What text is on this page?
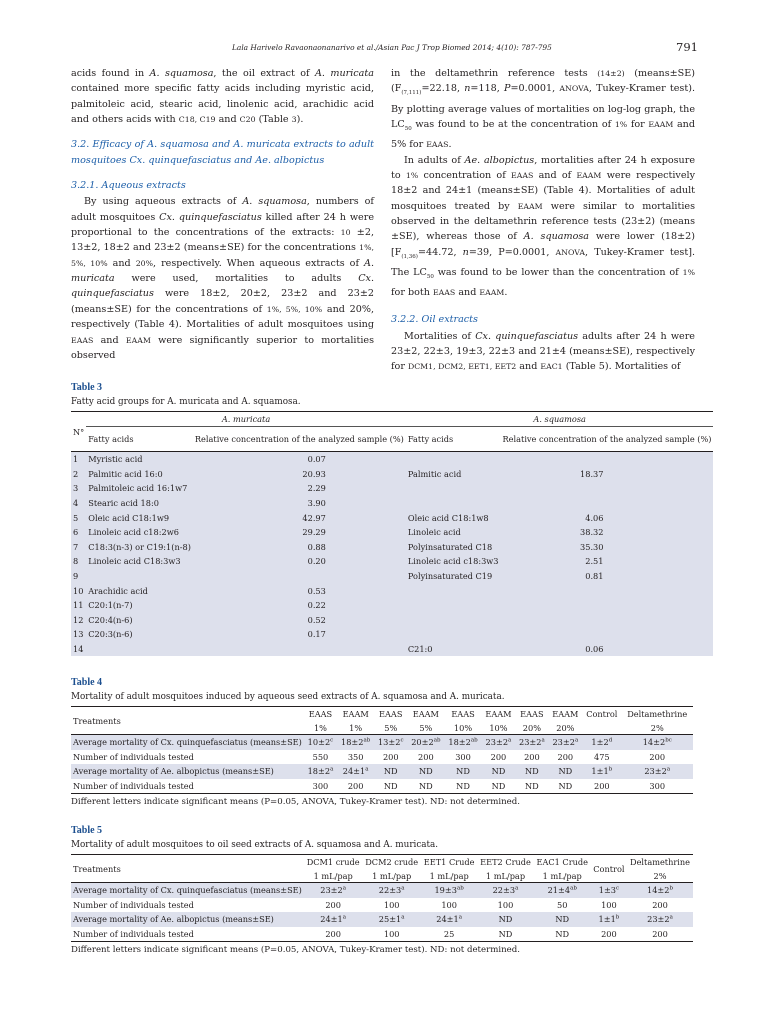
Lala Harivelo Ravaonaonanarivo et al./Asian Pac J Trop Biomed 2014; 4(10): 787-795	791

acids found in A. squamosa, the oil extract of A. muricata contained more specific fatty acids including myristic acid, palmitoleic acid, stearic acid, linolenic acid, arachidic acid and others acids with C18, C19 and C20 (Table 3).

3.2. Efficacy of A. squamosa and A. muricata extracts to adult mosquitoes Cx. quinquefasciatus and Ae. albopictus

3.2.1. Aqueous extracts

By using aqueous extracts of A. squamosa, numbers of adult mosquitoes Cx. quinquefasciatus killed after 24 h were proportional to the concentrations of the extracts: 10 ±2, 13±2, 18±2 and 23±2 (means±SE) for the concentrations 1%, 5%, 10% and 20%, respectively. When aqueous extracts of A. muricata were used, mortalities to adults Cx. quinquefasciatus were 18±2, 20±2, 23±2 and 23±2 (means±SE) for the concentrations of 1%, 5%, 10% and 20%, respectively (Table 4). Mortalities of adult mosquitoes using EAAS and EAAM were significantly superior to mortalities observed

in the deltamethrin reference tests (14±2) (means±SE) ($F_{(7,111)}=22.18$, n=118, P=0.0001, ANOVA, Tukey-Kramer test). By plotting average values of mortalities on log-log graph, the $LC_{50}$ was found to be at the concentration of 1% for EAAM and 5% for EAAS.

In adults of Ae. albopictus, mortalities after 24 h exposure to 1% concentration of EAAS and of EAAM were respectively 18±2 and 24±1 (means±SE) (Table 4). Mortalities of adult mosquitoes treated by EAAM were similar to mortalities observed in the deltamethrin reference tests (23±2) (means ±SE), whereas those of A. squamosa were lower (18±2) [$F_{(1,36)}=44.72$, n=39, P=0.0001, ANOVA, Tukey-Kramer test]. The $LC_{50}$ was found to be lower than the concentration of 1% for both EAAS and EAAM.

3.2.2. Oil extracts

Mortalities of Cx. quinquefasciatus adults after 24 h were 23±2, 22±3, 19±3, 22±3 and 21±4 (means±SE), respectively for DCM1, DCM2, EET1, EET2 and EAC1 (Table 5). Mortalities of

Table 3
Fatty acid groups for A. muricata and A. squamosa.
N°	A. muricata		A. squamosa	
	Fatty acids	Relative concentration of the analyzed sample (%)	Fatty acids	Relative concentration of the analyzed sample (%)
1	Myristic acid	0.07		
2	Palmitic acid 16:0	20.93	Palmitic acid	18.37
3	Palmitoleic acid 16:1w7	2.29		
4	Stearic acid 18:0	3.90		
5	Oleic acid C18:1w9	42.97	Oleic acid C18:1w8	4.06
6	Linoleic acid c18:2w6	29.29	Linoleic acid	38.32
7	C18:3(n-3) or C19:1(n-8)	0.88	Polyinsaturated C18	35.30
8	Linoleic acid C18:3w3	0.20	Linoleic acid c18:3w3	2.51
9			Polyinsaturated C19	0.81
10	Arachidic acid	0.53		
11	C20:1(n-7)	0.22		
12	C20:4(n-6)	0.52		
13	C20:3(n-6)	0.17		
14			C21:0	0.06
Table 4
Mortality of adult mosquitoes induced by aqueous seed extracts of A. squamosa and A. muricata.
Treatments	EAAS	EAAM	EAAS	EAAM	EAAS	EAAM	EAAS	EAAM	Control	Deltamethrine
	1%	1%	5%	5%	10%	10%	20%	20%		2%
Average mortality of Cx. quinquefasciatus (means±SE)	$10\pm 2^c$	$18\pm 2^{ab}$	$13\pm 2^c$	$20\pm 2^{ab}$	$18\pm 2^{ab}$	$23\pm 2^a$	$23\pm 2^a$	$23\pm 2^a$	$1\pm 2^d$	$14\pm 2^{bc}$
Number of individuals tested	550	350	200	200	300	200	200	200	475	200
Average mortality of Ae. albopictus (means±SE)	$18\pm 2^a$	$24\pm 1^a$	ND	ND	ND	ND	ND	ND	$1\pm 1^b$	$23\pm 2^a$
Number of individuals tested	300	200	ND	ND	ND	ND	ND	ND	200	300
Different letters indicate significant means (P=0.05, ANOVA, Tukey-Kramer test). ND: not determined.
Table 5
Mortality of adult mosquitoes to oil seed extracts of A. squamosa and A. muricata.
Treatments	DCM1 crude	DCM2 crude	EET1 Crude	EET2 Crude	EAC1 Crude	Control	Deltamethrine
	1 mL/pap	1 mL/pap	1 mL/pap	1 mL/pap	1 mL/pap		2%
Average mortality of Cx. quinquefasciatus (means±SE)	$23\pm 2^a$	$22\pm 3^a$	$19\pm 3^{ab}$	$22\pm 3^a$	$21\pm 4^{ab}$	$1\pm 3^c$	$14\pm 2^b$
Number of individuals tested	200	100	100	100	50	100	200
Average mortality of Ae. albopictus (means±SE)	$24\pm 1^a$	$25\pm 1^a$	$24\pm 1^a$	ND	ND	$1\pm 1^b$	$23\pm 2^a$
Number of individuals tested	200	100	25	ND	ND	200	200
Different letters indicate significant means (P=0.05, ANOVA, Tukey-Kramer test). ND: not determined.
